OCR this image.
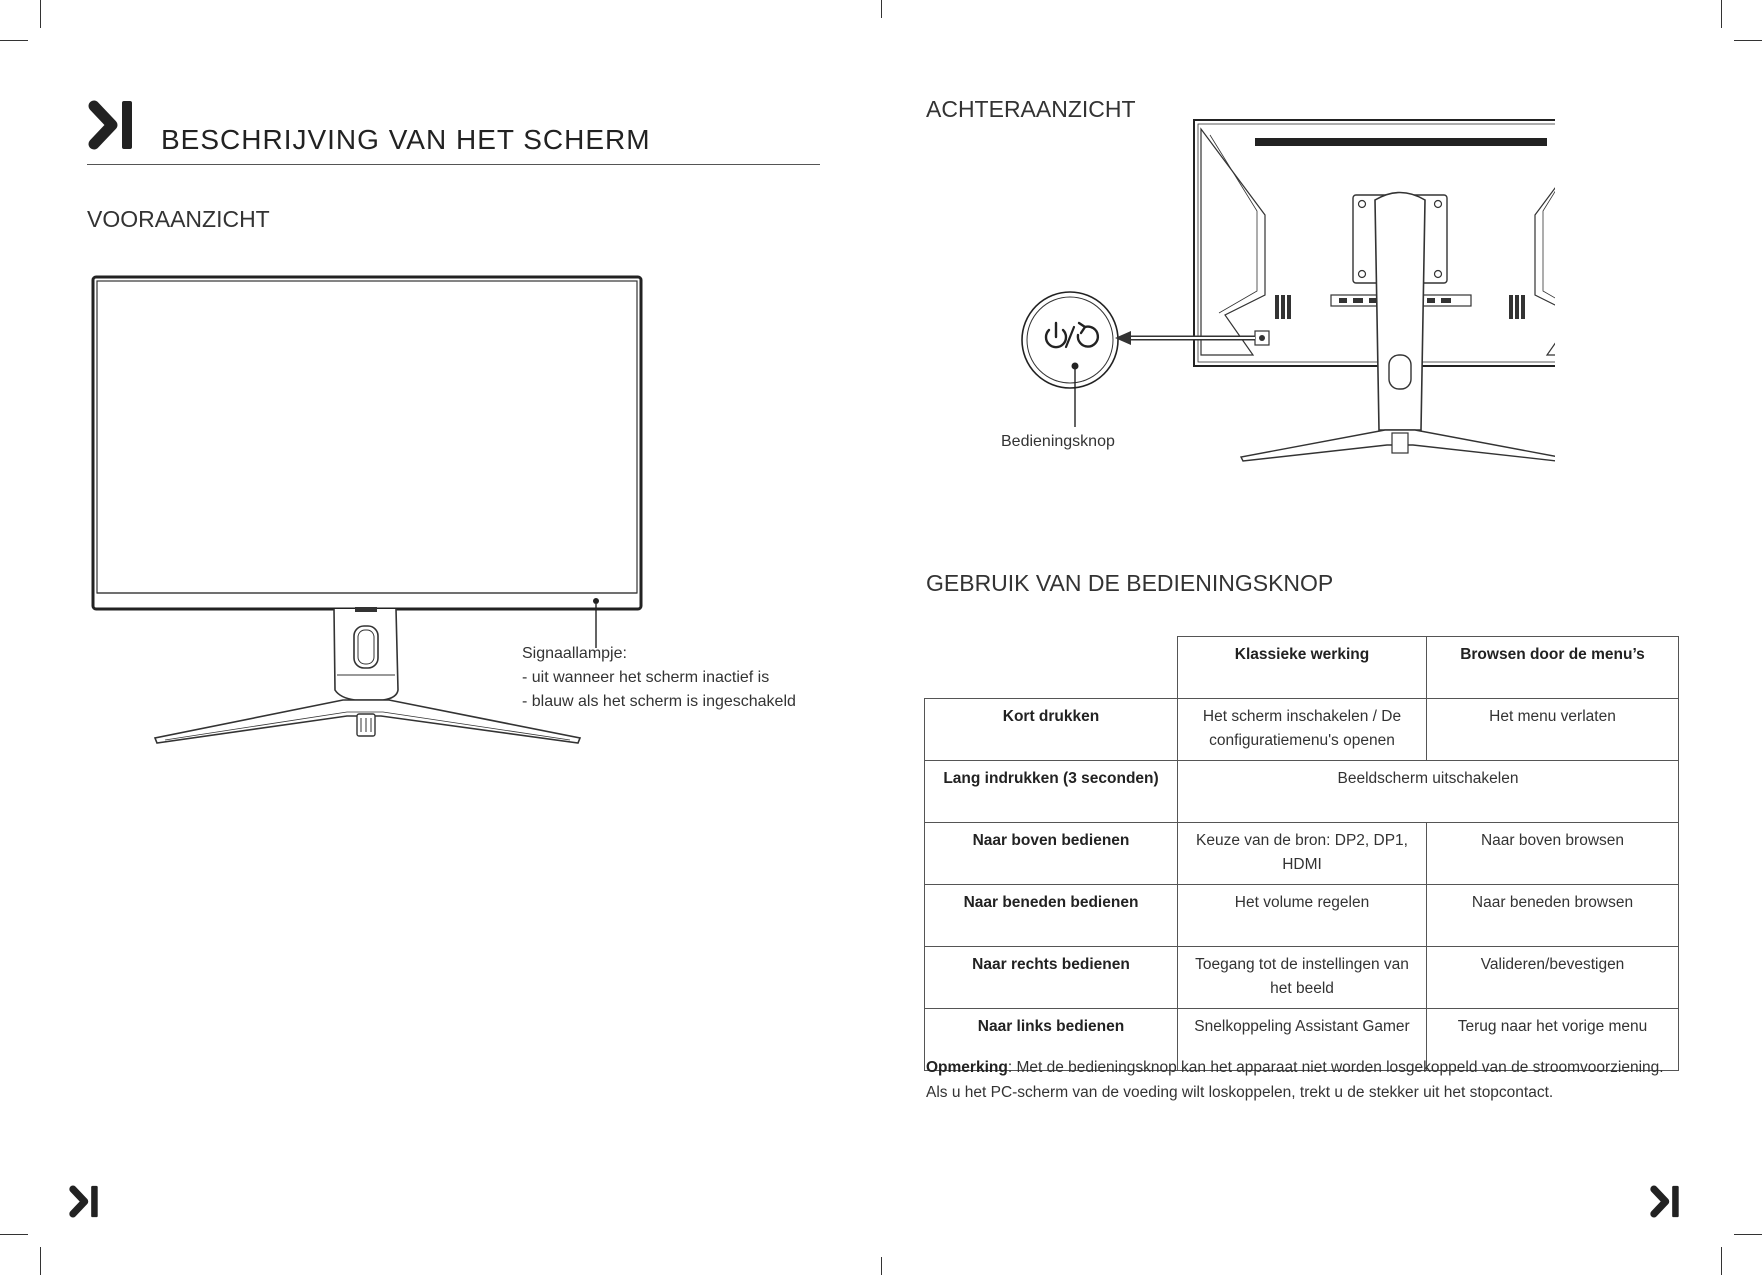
BESCHRIJVING VAN HET SCHERM
VOORAANZICHT
Signaallampje:
- uit wanneer het scherm inactief is
- blauw als het scherm is ingeschakeld
ACHTERAANZICHT
Bedieningsknop
GEBRUIK VAN DE BEDIENINGSKNOP
	Klassieke werking	Browsen door de menu’s
Kort drukken	Het scherm inschakelen / De configuratiemenu's openen	Het menu verlaten
Lang indrukken (3 seconden)	Beeldscherm uitschakelen	
Naar boven bedienen	Keuze van de bron: DP2, DP1, HDMI	Naar boven browsen
Naar beneden bedienen	Het volume regelen	Naar beneden browsen
Naar rechts bedienen	Toegang tot de instellingen van het beeld	Valideren/bevestigen
Naar links bedienen	Snelkoppeling Assistant Gamer	Terug naar het vorige menu
Opmerking: Met de bedieningsknop kan het apparaat niet worden losgekoppeld van de stroomvoorziening.
Als u het PC-scherm van de voeding wilt loskoppelen, trekt u de stekker uit het stopcontact.
